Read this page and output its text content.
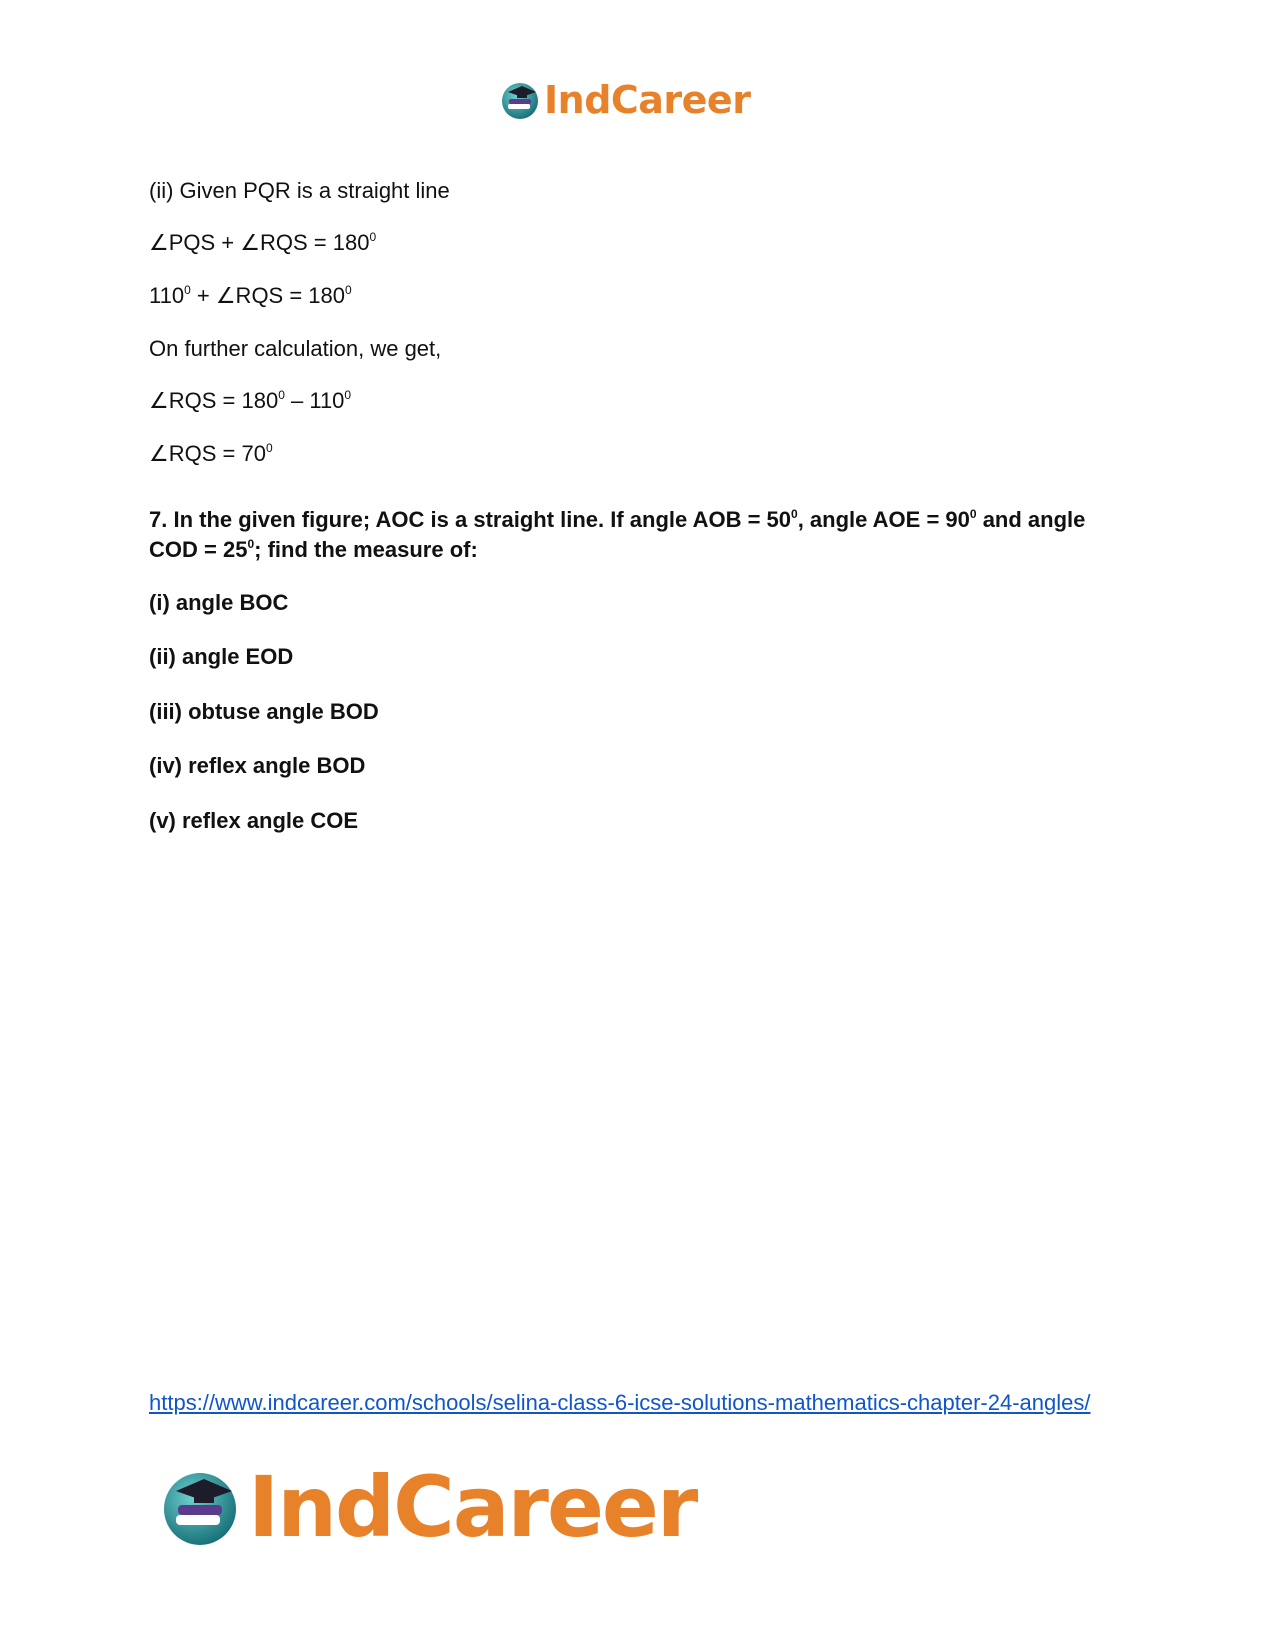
IndCareer
(ii) Given PQR is a straight line
∠PQS + ∠RQS = $180^0$
$110^0$ + ∠RQS = $180^0$
On further calculation, we get,
∠RQS = $180^0 - 110^0$
∠RQS = $70^0$
7. In the given figure; AOC is a straight line. If angle AOB = $50^0$, angle AOE = $90^0$ and angle COD = $25^0$; find the measure of:
(i) angle BOC
(ii) angle EOD
(iii) obtuse angle BOD
(iv) reflex angle BOD
(v) reflex angle COE
https://www.indcareer.com/schools/selina-class-6-icse-solutions-mathematics-chapter-24-angles/
IndCareer
